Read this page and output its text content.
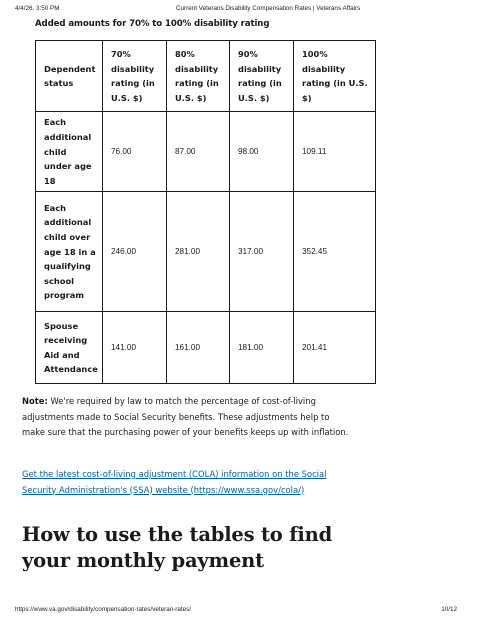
4/4/26, 3:50 PM	Current Veterans Disability Compensation Rates | Veterans Affairs
Added amounts for 70% to 100% disability rating
Dependent status	70% disability rating (in U.S. $)	80% disability rating (in U.S. $)	90% disability rating (in U.S. $)	100% disability rating (in U.S. $)
Each additional child under age 18	76.00	87.00	98.00	109.11
Each additional child over age 18 in a qualifying school program	246.00	281.00	317.00	352.45
Spouse receiving Aid and Attendance	141.00	161.00	181.00	201.41

Note: We're required by law to match the percentage of cost-of-living adjustments made to Social Security benefits. These adjustments help to make sure that the purchasing power of your benefits keeps up with inflation.

Get the latest cost-of-living adjustment (COLA) information on the Social Security Administration's (SSA) website (https://www.ssa.gov/cola/)
How to use the tables to find your monthly payment
https://www.va.gov/disability/compensation-rates/veteran-rates/	10/12
